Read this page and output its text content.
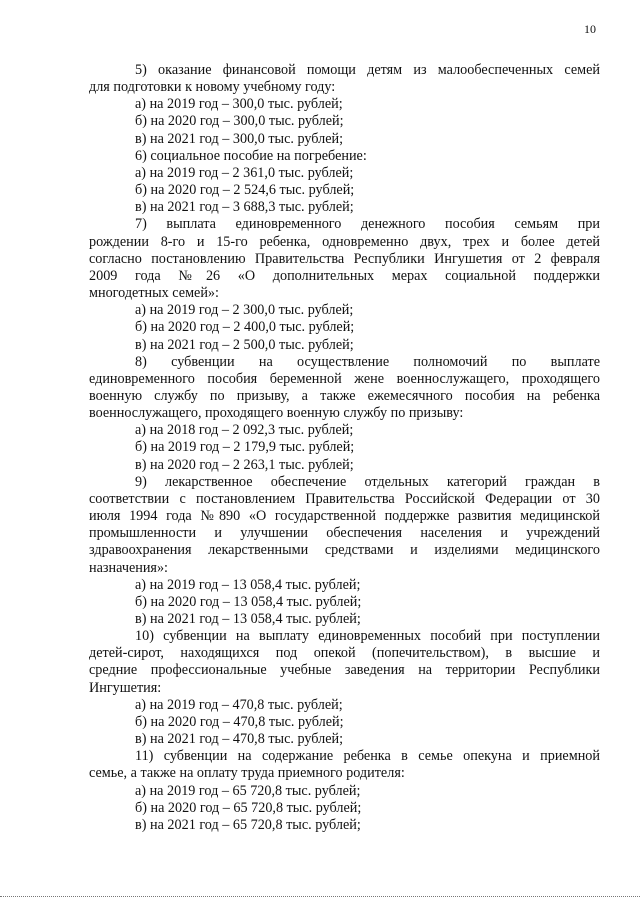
10
5) оказание финансовой помощи детям из малообеспеченных семей
для подготовки к новому учебному году:
а) на 2019 год – 300,0 тыс. рублей;
б) на 2020 год – 300,0 тыс. рублей;
в) на 2021 год – 300,0 тыс. рублей;
6) социальное пособие на погребение:
а) на 2019 год – 2 361,0 тыс. рублей;
б) на 2020 год – 2 524,6 тыс. рублей;
в) на 2021 год – 3 688,3 тыс. рублей;
7) выплата единовременного денежного пособия семьям при
рождении 8-го и 15-го ребенка, одновременно двух, трех и более детей
согласно постановлению Правительства Республики Ингушетия от 2 февраля
2009 года №26 «О дополнительных мерах социальной поддержки
многодетных семей»:
а) на 2019 год – 2 300,0 тыс. рублей;
б) на 2020 год – 2 400,0 тыс. рублей;
в) на 2021 год – 2 500,0 тыс. рублей;
8) субвенции на осуществление полномочий по выплате
единовременного пособия беременной жене военнослужащего, проходящего
военную службу по призыву, а также ежемесячного пособия на ребенка
военнослужащего, проходящего военную службу по призыву:
а) на 2018 год – 2 092,3 тыс. рублей;
б) на 2019 год – 2 179,9 тыс. рублей;
в) на 2020 год – 2 263,1 тыс. рублей;
9) лекарственное обеспечение отдельных категорий граждан в
соответствии с постановлением Правительства Российской Федерации от 30
июля 1994 года №890 «О государственной поддержке развития медицинской
промышленности и улучшении обеспечения населения и учреждений
здравоохранения лекарственными средствами и изделиями медицинского
назначения»:
а) на 2019 год – 13 058,4 тыс. рублей;
б) на 2020 год – 13 058,4 тыс. рублей;
в) на 2021 год – 13 058,4 тыс. рублей;
10) субвенции на выплату единовременных пособий при поступлении
детей-сирот, находящихся под опекой (попечительством), в высшие и
средние профессиональные учебные заведения на территории Республики
Ингушетия:
а) на 2019 год – 470,8 тыс. рублей;
б) на 2020 год – 470,8 тыс. рублей;
в) на 2021 год – 470,8 тыс. рублей;
11) субвенции на содержание ребенка в семье опекуна и приемной
семье, а также на оплату труда приемного родителя:
а) на 2019 год – 65 720,8 тыс. рублей;
б) на 2020 год – 65 720,8 тыс. рублей;
в) на 2021 год – 65 720,8 тыс. рублей;
